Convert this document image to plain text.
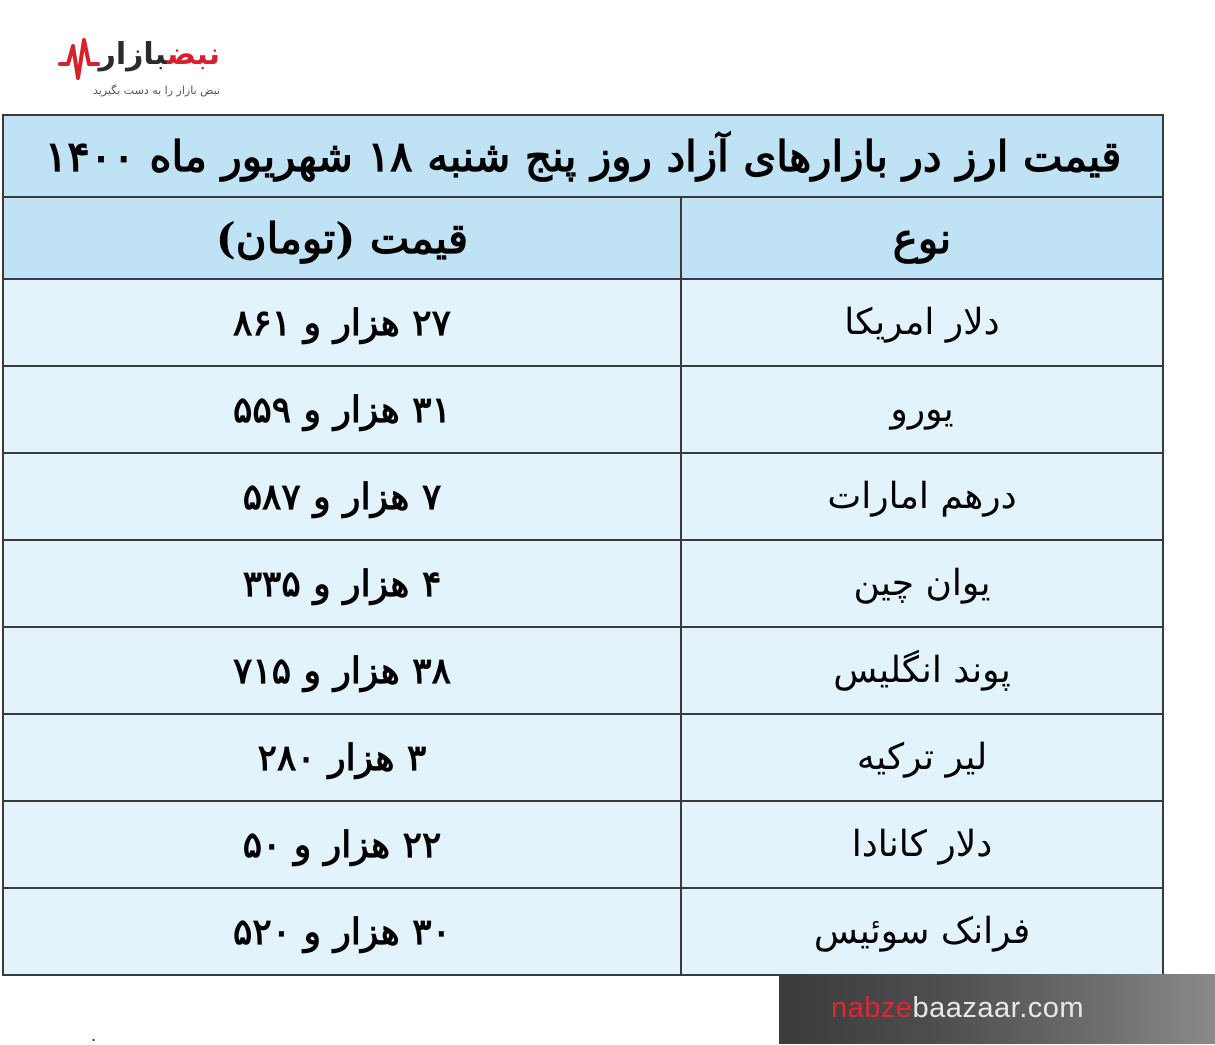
نبضبازار
نبض بازار را به دست بگیرید
قیمت ارز در بازارهای آزاد روز پنج شنبه ۱۸ شهریور ماه ۱۴۰۰	
نوع	قیمت (تومان)
دلار امریکا	۲۷ هزار و ۸۶۱
یورو	۳۱ هزار و ۵۵۹
درهم امارات	۷ هزار و ۵۸۷
یوان چین	۴ هزار و ۳۳۵
پوند انگلیس	۳۸ هزار و ۷۱۵
لیر ترکیه	۳ هزار ۲۸۰
دلار کانادا	۲۲ هزار و ۵۰
فرانک سوئیس	۳۰ هزار و ۵۲۰
nabzebaazaar.com
.
